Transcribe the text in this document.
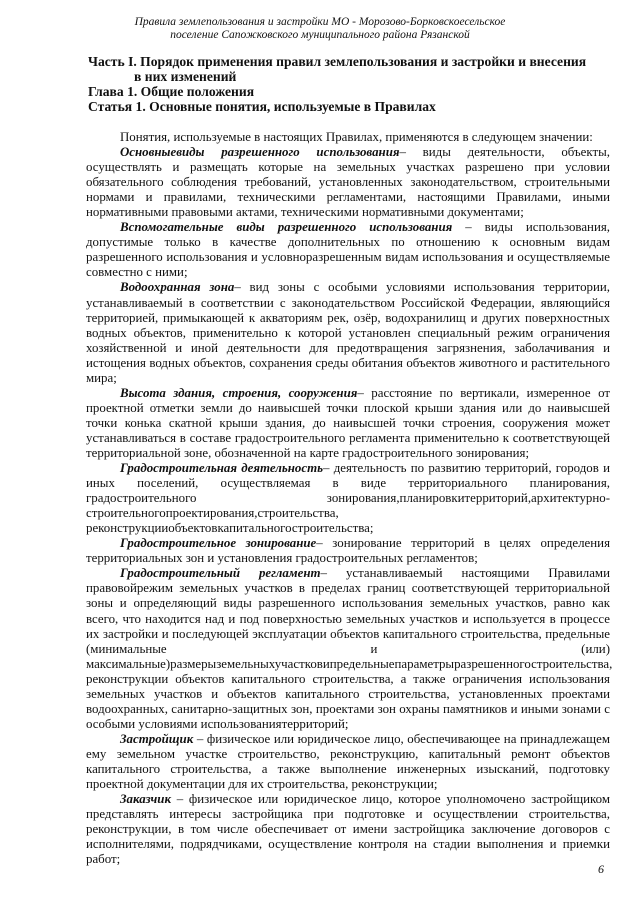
Правила землепользования и застройки МО - Морозово-Борковскоесельское
поселение Сапожковского муниципального района Рязанской
Часть I. Порядок применения правил землепользования и застройки и внесения
в них изменений
Глава 1. Общие положения
Статья 1. Основные понятия, используемые в Правилах

Понятия, используемые в настоящих Правилах, применяются в следующем значении:

Основныевиды разрешенного использования– виды деятельности, объекты, осуществлять и размещать которые на земельных участках разрешено при условии обязательного соблюдения требований, установленных законодательством, строительными нормами и правилами, техническими регламентами, настоящими Правилами, иными нормативными правовыми актами, техническими нормативными документами;

Вспомогательные виды разрешенного использования – виды использования, допустимые только в качестве дополнительных по отношению к основным видам разрешенного использования и условноразрешенным видам использования и осуществляемые совместно с ними;

Водоохранная зона– вид зоны с особыми условиями использования территории, устанавливаемый в соответствии с законодательством Российской Федерации, являющийся территорией, примыкающей к акваториям рек, озёр, водохранилищ и других поверхностных водных объектов, применительно к которой установлен специальный режим ограничения хозяйственной и иной деятельности для предотвращения загрязнения, заболачивания и истощения водных объектов, сохранения среды обитания объектов животного и растительного мира;

Высота здания, строения, сооружения– расстояние по вертикали, измеренное от проектной отметки земли до наивысшей точки плоской крыши здания или до наивысшей точки конька скатной крыши здания, до наивысшей точки строения, сооружения может устанавливаться в составе градостроительного регламента применительно к соответствующей территориальной зоне, обозначенной на карте градостроительного зонирования;

Градостроительная деятельность– деятельность по развитию территорий, городов и иных поселений, осуществляемая в виде территориального планирования, градостроительного зонирования,планировкитерриторий,архитектурно-строительногопроектирования,строительства, реконструкцииобъектовкапитальногостроительства;

Градостроительное зонирование– зонирование территорий в целях определения территориальных зон и установления градостроительных регламентов;

Градостроительный регламент– устанавливаемый настоящими Правилами правовойрежим земельных участков в пределах границ соответствующей территориальной зоны и определяющий виды разрешенного использования земельных участков, равно как всего, что находится над и под поверхностью земельных участков и используется в процессе их застройки и последующей эксплуатации объектов капитального строительства, предельные (минимальные и (или) максимальные)размерыземельныхучастковипредельныепараметрыразрешенногостроительства, реконструкции объектов капитального строительства, а также ограничения использования земельных участков и объектов капитального строительства, установленных проектами водоохранных, санитарно-защитных зон, проектами зон охраны памятников и иными зонами с особыми условиями использованиятерриторий;

Застройщик – физическое или юридическое лицо, обеспечивающее на принадлежащем ему земельном участке строительство, реконструкцию, капитальный ремонт объектов капитального строительства, а также выполнение инженерных изысканий, подготовку проектной документации для их строительства, реконструкции;

Заказчик – физическое или юридическое лицо, которое уполномочено застройщиком представлять интересы застройщика при подготовке и осуществлении строительства, реконструкции, в том числе обеспечивает от имени застройщика заключение договоров с исполнителями, подрядчиками, осуществление контроля на стадии выполнения и приемки работ;

6
